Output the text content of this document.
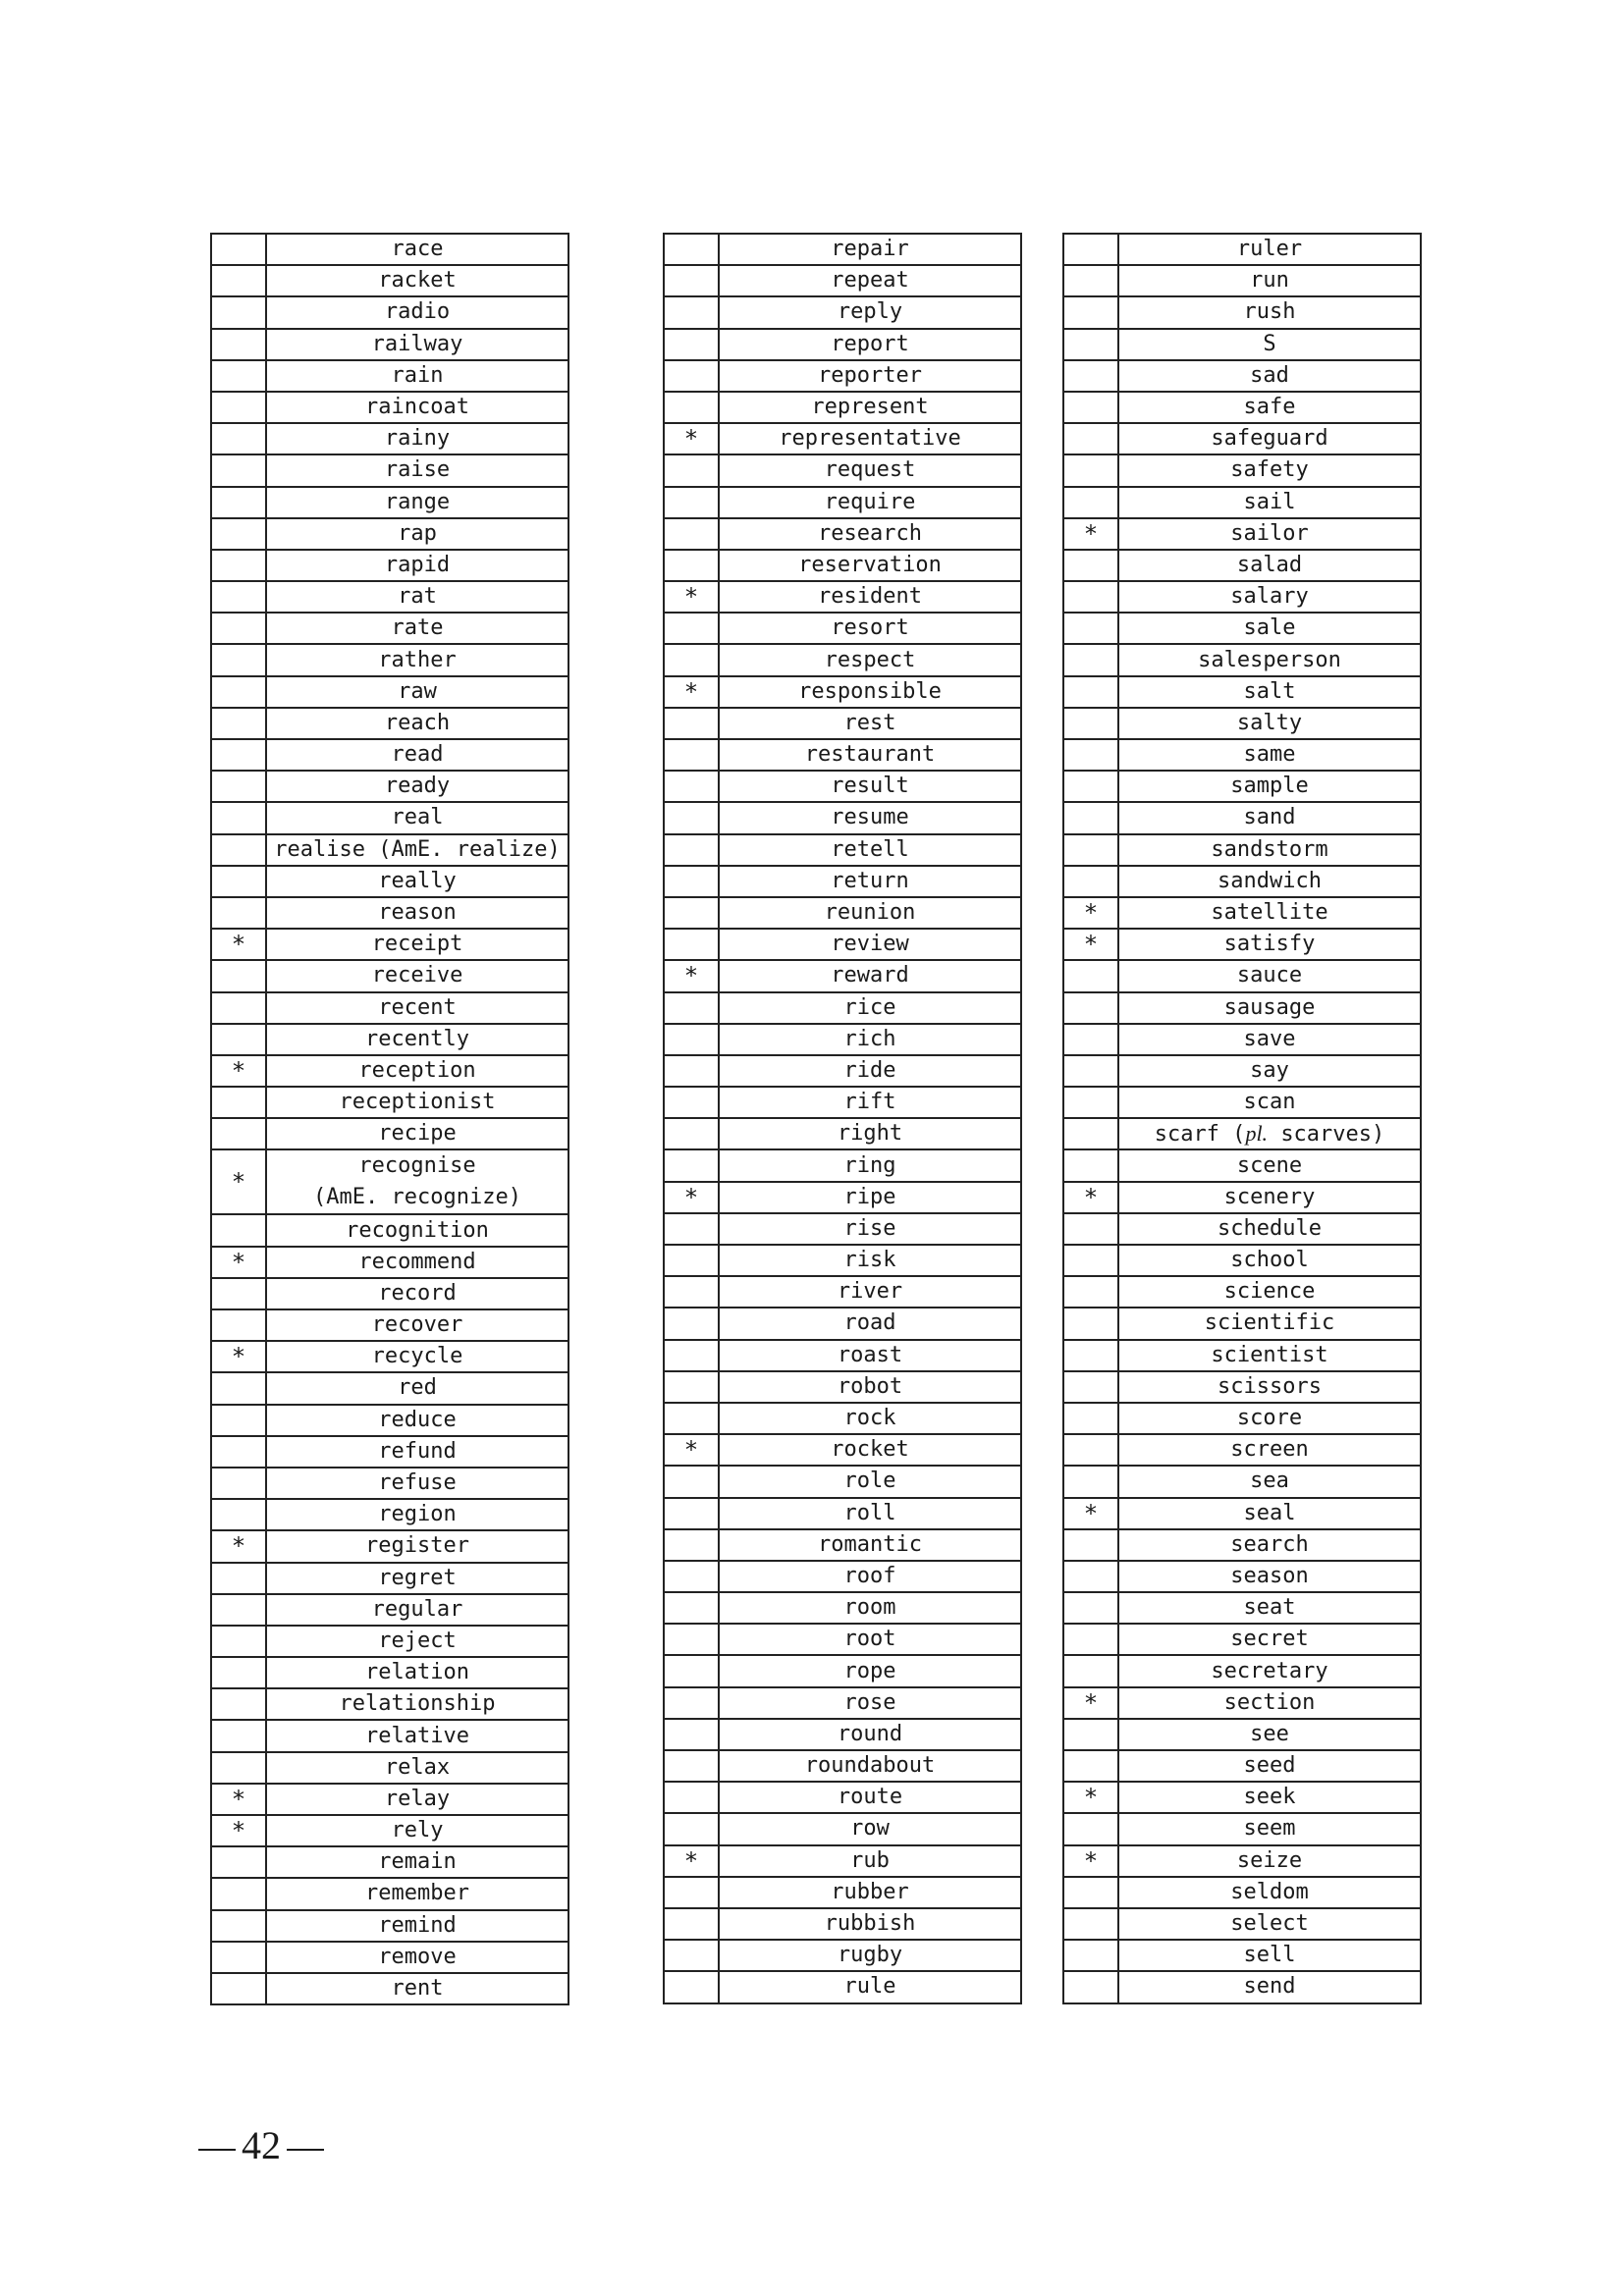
	race
	racket
	radio
	railway
	rain
	raincoat
	rainy
	raise
	range
	rap
	rapid
	rat
	rate
	rather
	raw
	reach
	read
	ready
	real
	realise (AmE. realize)
	really
	reason
*	receipt
	receive
	recent
	recently
*	reception
	receptionist
	recipe
*	recognise
(AmE. recognize)

	recognition
*	recommend
	record
	recover
*	recycle
	red
	reduce
	refund
	refuse
	region
*	register
	regret
	regular
	reject
	relation
	relationship
	relative
	relax
*	relay
*	rely
	remain
	remember
	remind
	remove
	rent
	repair
	repeat
	reply
	report
	reporter
	represent
*	representative
	request
	require
	research
	reservation
*	resident
	resort
	respect
*	responsible
	rest
	restaurant
	result
	resume
	retell
	return
	reunion
	review
*	reward
	rice
	rich
	ride
	rift
	right
	ring
*	ripe
	rise
	risk
	river
	road
	roast
	robot
	rock
*	rocket
	role
	roll
	romantic
	roof
	room
	root
	rope
	rose
	round
	roundabout
	route
	row
*	rub
	rubber
	rubbish
	rugby
	rule
	ruler
	run
	rush
	S
	sad
	safe
	safeguard
	safety
	sail
*	sailor
	salad
	salary
	sale
	salesperson
	salt
	salty
	same
	sample
	sand
	sandstorm
	sandwich
*	satellite
*	satisfy
	sauce
	sausage
	save
	say
	scan
	scarf (pl. scarves)
	scene
*	scenery
	schedule
	school
	science
	scientific
	scientist
	scissors
	score
	screen
	sea
*	seal
	search
	season
	seat
	secret
	secretary
*	section
	see
	seed
*	seek
	seem
*	seize
	seldom
	select
	sell
	send
42
